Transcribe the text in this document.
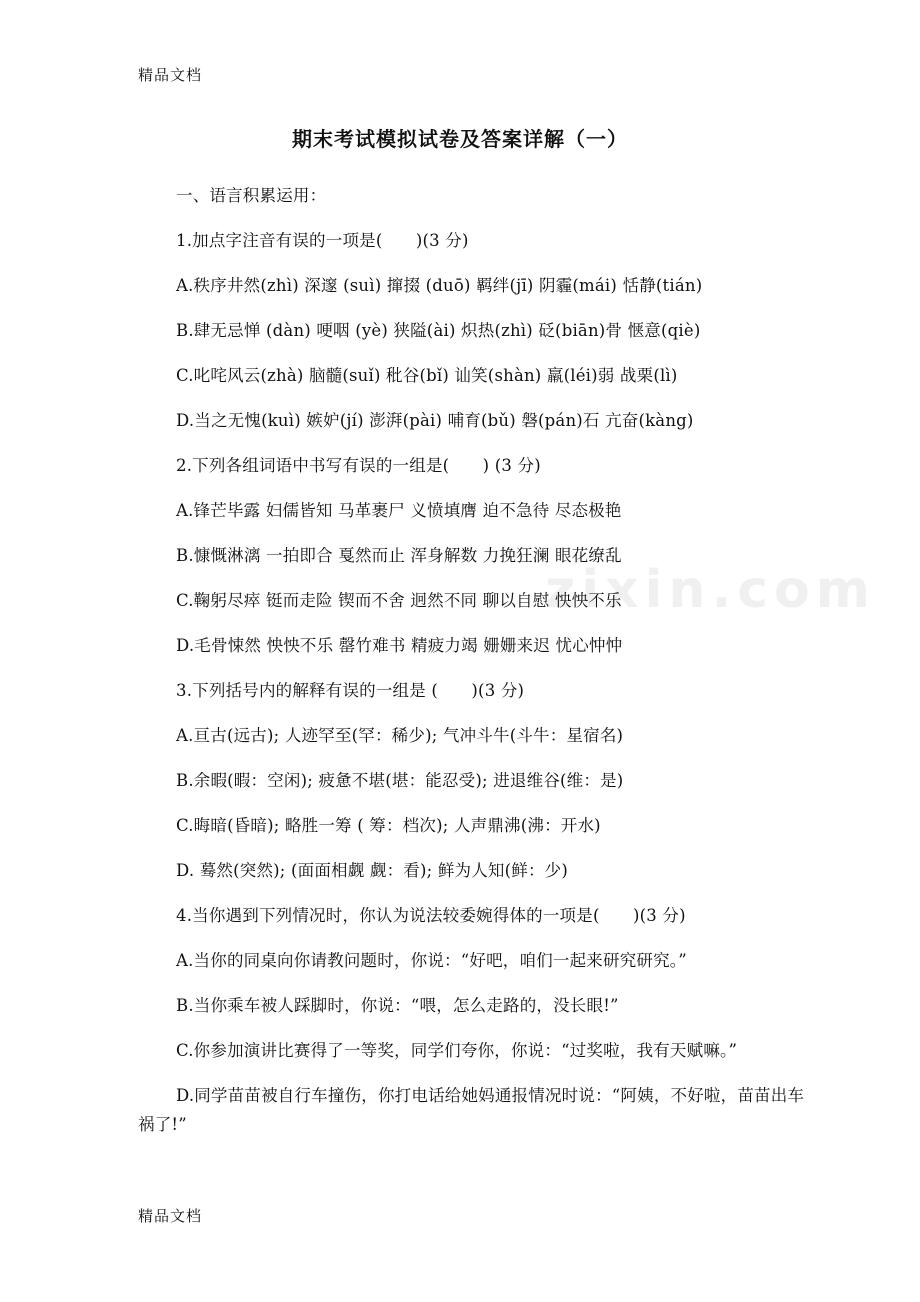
zixin.com
精品文档
期末考试模拟试卷及答案详解（一）
一、语言积累运用：
1.加点字注音有误的一项是(　　)(3 分)
A.秩序井然(zhì) 深邃 (suì) 撺掇 (duō) 羁绊(jī) 阴霾(mái) 恬静(tián)
B.肆无忌惮 (dàn) 哽咽 (yè) 狭隘(ài) 炽热(zhì) 砭(biān)骨 惬意(qiè)
C.叱咤风云(zhà) 脑髓(suǐ) 秕谷(bǐ) 讪笑(shàn) 羸(léi)弱 战栗(lì)
D.当之无愧(kuì) 嫉妒(jí) 澎湃(pài) 哺育(bǔ) 磐(pán)石 亢奋(kàng)
2.下列各组词语中书写有误的一组是(　　) (3 分)
A.锋芒毕露 妇儒皆知 马革裹尸 义愤填膺 迫不急待 尽态极艳
B.慷慨淋漓 一拍即合 戛然而止 浑身解数 力挽狂澜 眼花缭乱
C.鞠躬尽瘁 铤而走险 锲而不舍 迥然不同 聊以自慰 怏怏不乐
D.毛骨悚然 怏怏不乐 罄竹难书 精疲力竭 姗姗来迟 忧心忡忡
3.下列括号内的解释有误的一组是 (　　)(3 分)
A.亘古(远古); 人迹罕至(罕：稀少); 气冲斗牛(斗牛：星宿名)
B.余暇(暇：空闲); 疲惫不堪(堪：能忍受); 进退维谷(维：是)
C.晦暗(昏暗); 略胜一筹 ( 筹：档次); 人声鼎沸(沸：开水)
D. 蓦然(突然); (面面相觑 觑：看); 鲜为人知(鲜：少)
4.当你遇到下列情况时，你认为说法较委婉得体的一项是(　　)(3 分)
A.当你的同桌向你请教问题时，你说：“好吧，咱们一起来研究研究。”
B.当你乘车被人踩脚时，你说：“喂，怎么走路的，没长眼!”
C.你参加演讲比赛得了一等奖，同学们夸你，你说：“过奖啦，我有天赋嘛。”
D.同学苗苗被自行车撞伤，你打电话给她妈通报情况时说：“阿姨，不好啦，苗苗出车祸了!”
精品文档
